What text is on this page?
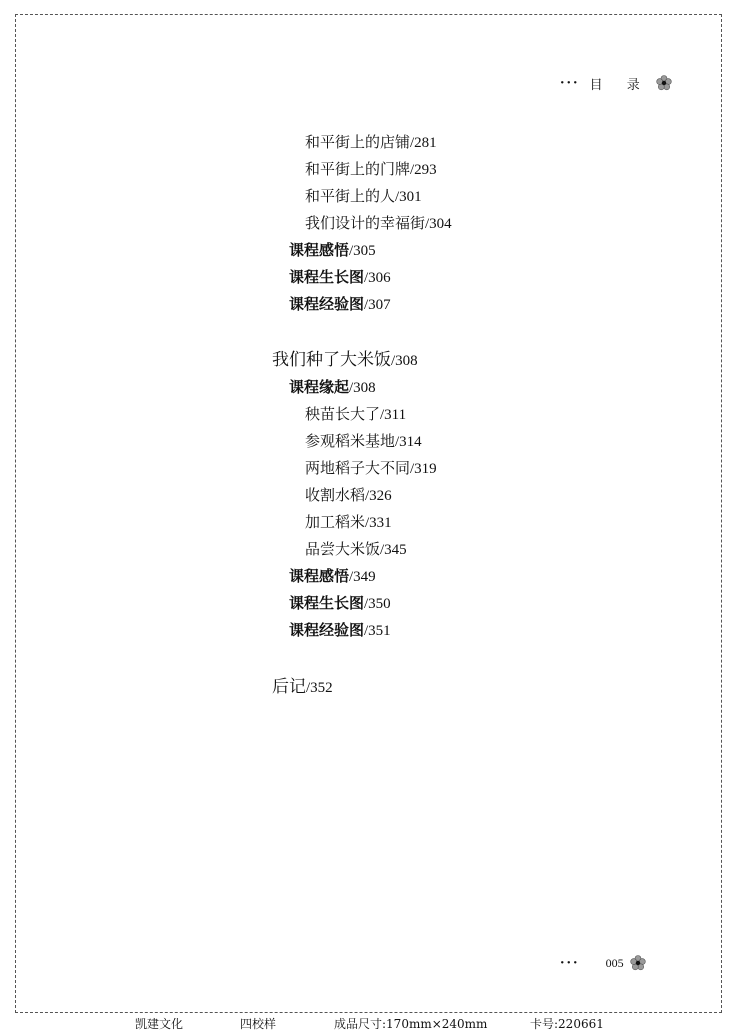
··· 目 录
和平街上的店铺/281
和平街上的门牌/293
和平街上的人/301
我们设计的幸福街/304
课程感悟/305
课程生长图/306
课程经验图/307
我们种了大米饭/308
课程缘起/308
秧苗长大了/311
参观稻米基地/314
两地稻子大不同/319
收割水稻/326
加工稻米/331
品尝大米饭/345
课程感悟/349
课程生长图/350
课程经验图/351
后记/352
··· 005
凯建文化	四校样	成品尺寸:170mm×240mm	卡号:220661
